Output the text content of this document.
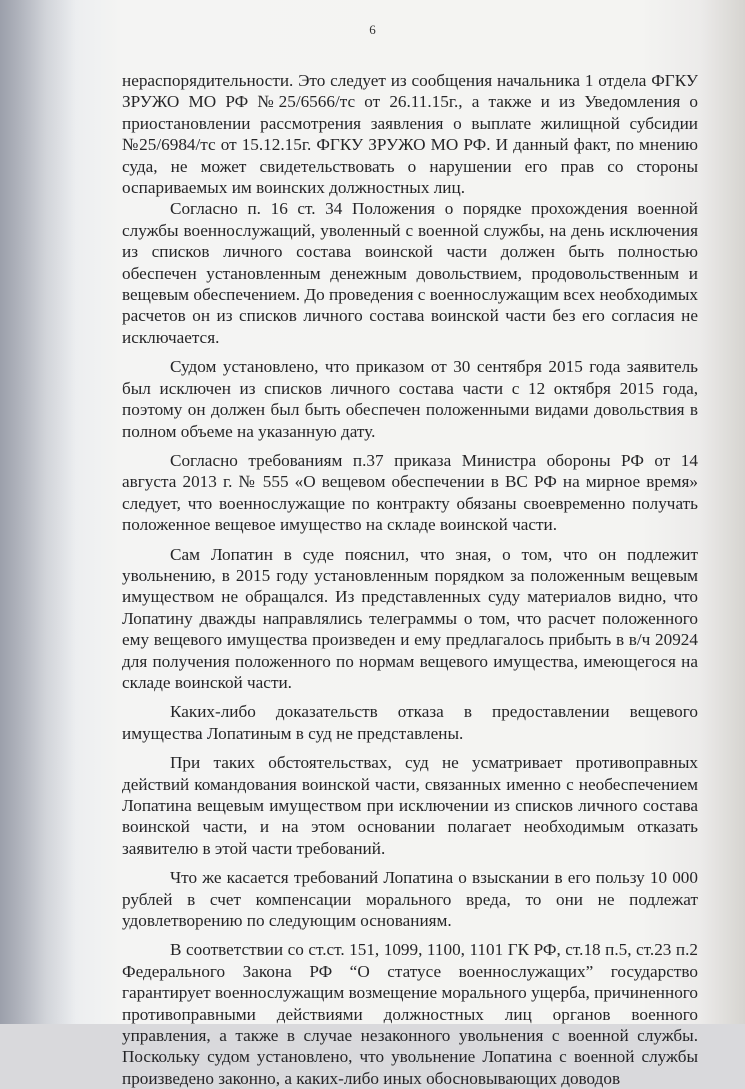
6

нераспорядительности. Это следует из сообщения начальника 1 отдела ФГКУ ЗРУЖО МО РФ №25/6566/тс от 26.11.15г., а также и из Уведомления о приостановлении рассмотрения заявления о выплате жилищной субсидии №25/6984/тс от 15.12.15г. ФГКУ ЗРУЖО МО РФ. И данный факт, по мнению суда, не может свидетельствовать о нарушении его прав со стороны оспариваемых им воинских должностных лиц.

Согласно п. 16 ст. 34 Положения о порядке прохождения военной службы военнослужащий, уволенный с военной службы, на день исключения из списков личного состава воинской части должен быть полностью обеспечен установленным денежным довольствием, продовольственным и вещевым обеспечением. До проведения с военнослужащим всех необходимых расчетов он из списков личного состава воинской части без его согласия не исключается.

Судом установлено, что приказом от 30 сентября 2015 года заявитель был исключен из списков личного состава части с 12 октября 2015 года, поэтому он должен был быть обеспечен положенными видами довольствия в полном объеме на указанную дату.

Согласно требованиям п.37 приказа Министра обороны РФ от 14 августа 2013 г. № 555 «О вещевом обеспечении в ВС РФ на мирное время» следует, что военнослужащие по контракту обязаны своевременно получать положенное вещевое имущество на складе воинской части.

Сам Лопатин в суде пояснил, что зная, о том, что он подлежит увольнению, в 2015 году установленным порядком за положенным вещевым имуществом не обращался. Из представленных суду материалов видно, что Лопатину дважды направлялись телеграммы о том, что расчет положенного ему вещевого имущества произведен и ему предлагалось прибыть в в/ч 20924 для получения положенного по нормам вещевого имущества, имеющегося на складе воинской части.

Каких-либо доказательств отказа в предоставлении вещевого имущества Лопатиным в суд не представлены.

При таких обстоятельствах, суд не усматривает противоправных действий командования воинской части, связанных именно с необеспечением Лопатина вещевым имуществом при исключении из списков личного состава воинской части, и на этом основании полагает необходимым отказать заявителю в этой части требований.

Что же касается требований Лопатина о взыскании в его пользу 10 000 рублей в счет компенсации морального вреда, то они не подлежат удовлетворению по следующим основаниям.

В соответствии со ст.ст. 151, 1099, 1100, 1101 ГК РФ, ст.18 п.5, ст.23 п.2 Федерального Закона РФ “О статусе военнослужащих” государство гарантирует военнослужащим возмещение морального ущерба, причиненного противоправными действиями должностных лиц органов военного управления, а также в случае незаконного увольнения с военной службы. Поскольку судом установлено, что увольнение Лопатина с военной службы произведено законно, а каких-либо иных обосновывающих доводов
